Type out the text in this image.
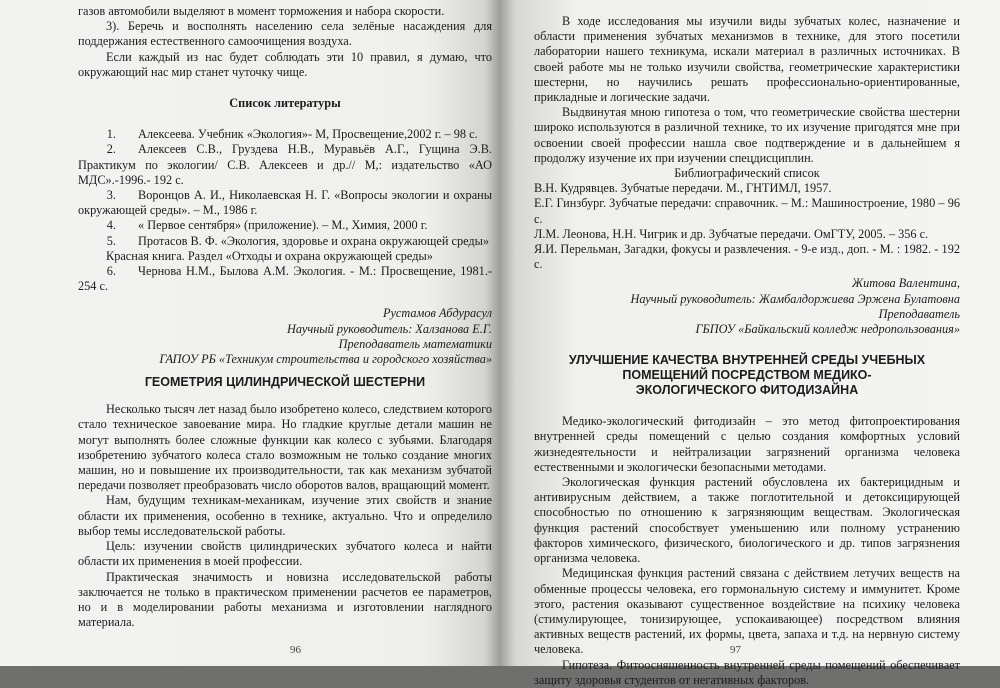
газов автомобили выделяют в момент торможения и набора скорости.

3). Беречь и восполнять населению села зелёные насаждения для поддержания естественного самоочищения воздуха.

Если каждый из нас будет соблюдать эти 10 правил, я думаю, что окружающий нас мир станет чуточку чище.

Список литературы

1. Алексеева. Учебник «Экология»- М, Просвещение,2002 г. – 98 с.

2. Алексеев С.В., Груздева Н.В., Муравьёв А.Г., Гущина Э.В. Практикум по экологии/ С.В. Алексеев и др.// М,: издательство «АО МДС».-1996.- 192 с.

3. Воронцов А. И., Николаевская Н. Г. «Вопросы экологии и охраны окружающей среды». – М., 1986 г.

4. « Первое сентября» (приложение). – М., Химия, 2000 г.

5. Протасов В. Ф. «Экология, здоровье и охрана окружающей среды»

Красная книга. Раздел «Отходы и охрана окружающей среды»

6. Чернова Н.М., Былова А.М. Экология. - М.: Просвещение, 1981.- 254 с.

Рустамов Абдурасул

Научный руководитель: Халзанова Е.Г.

Преподаватель математики

ГАПОУ РБ «Техникум строительства и городского хозяйства»

ГЕОМЕТРИЯ ЦИЛИНДРИЧЕСКОЙ ШЕСТЕРНИ

Несколько тысяч лет назад было изобретено колесо, следствием которого стало техническое завоевание мира. Но гладкие круглые детали машин не могут выполнять более сложные функции как колесо с зубьями. Благодаря изобретению зубчатого колеса стало возможным не только создание многих машин, но и повышение их производительности, так как механизм зубчатой передачи позволяет преобразовать число оборотов валов, вращающий момент.

Нам, будущим техникам-механикам, изучение этих свойств и знание области их применения, особенно в технике, актуально. Что и определило выбор темы исследовательской работы.

Цель: изучении свойств цилиндрических зубчатого колеса и найти области их применения в моей профессии.

Практическая значимость и новизна исследовательской работы заключается не только в практическом применении расчетов ее параметров, но и в моделировании работы механизма и изготовлении наглядного материала.

96

В ходе исследования мы изучили виды зубчатых колес, назначение и области применения зубчатых механизмов в технике, для этого посетили лаборатории нашего техникума, искали материал в различных источниках. В своей работе мы не только изучили свойства, геометрические характеристики шестерни, но научились решать профессионально-ориентированные, прикладные и логические задачи.

Выдвинутая мною гипотеза о том, что геометрические свойства шестерни широко используются в различной технике, то их изучение пригодятся мне при освоении своей профессии нашла свое подтверждение и в дальнейшем я продолжу изучение их при изучении спецдисциплин.

Библиографический список

В.Н. Кудрявцев. Зубчатые передачи. М., ГНТИМЛ, 1957.

Е.Г. Гинзбург. Зубчатые передачи: справочник. – М.: Машиностроение, 1980 – 96 с.

Л.М. Леонова, Н.Н. Чигрик и др. Зубчатые передачи. ОмГТУ, 2005. – 356 с.

Я.И. Перельман, Загадки, фокусы и развлечения. - 9-е изд., доп. - М. : 1982. - 192 с.

Житова Валентина,

Научный руководитель: Жамбалдоржиева Эржена Булатовна

Преподаватель

ГБПОУ «Байкальский колледж недропользования»

УЛУЧШЕНИЕ КАЧЕСТВА ВНУТРЕННЕЙ СРЕДЫ УЧЕБНЫХ ПОМЕЩЕНИЙ ПОСРЕДСТВОМ МЕДИКО-ЭКОЛОГИЧЕСКОГО ФИТОДИЗАЙНА

Медико-экологический фитодизайн – это метод фитопроектирования внутренней среды помещений с целью создания комфортных условий жизнедеятельности и нейтрализации загрязнений организма человека естественными и экологически безопасными методами.

Экологическая функция растений обусловлена их бактерицидным и антивирусным действием, а также поглотительной и детоксицирующей способностью по отношению к загрязняющим веществам. Экологическая функция растений способствует уменьшению или полному устранению факторов химического, физического, биологического и др. типов загрязнения организма человека.

Медицинская функция растений связана с действием летучих веществ на обменные процессы человека, его гормональную систему и иммунитет. Кроме этого, растения оказывают существенное воздействие на психику человека (стимулирующее, тонизирующее, успокаивающее) посредством влияния активных веществ растений, их формы, цвета, запаха и т.д. на нервную систему человека.

Гипотеза. Фитоосняшенность внутренней среды помещений обеспечивает защиту здоровья студентов от негативных факторов.

97
